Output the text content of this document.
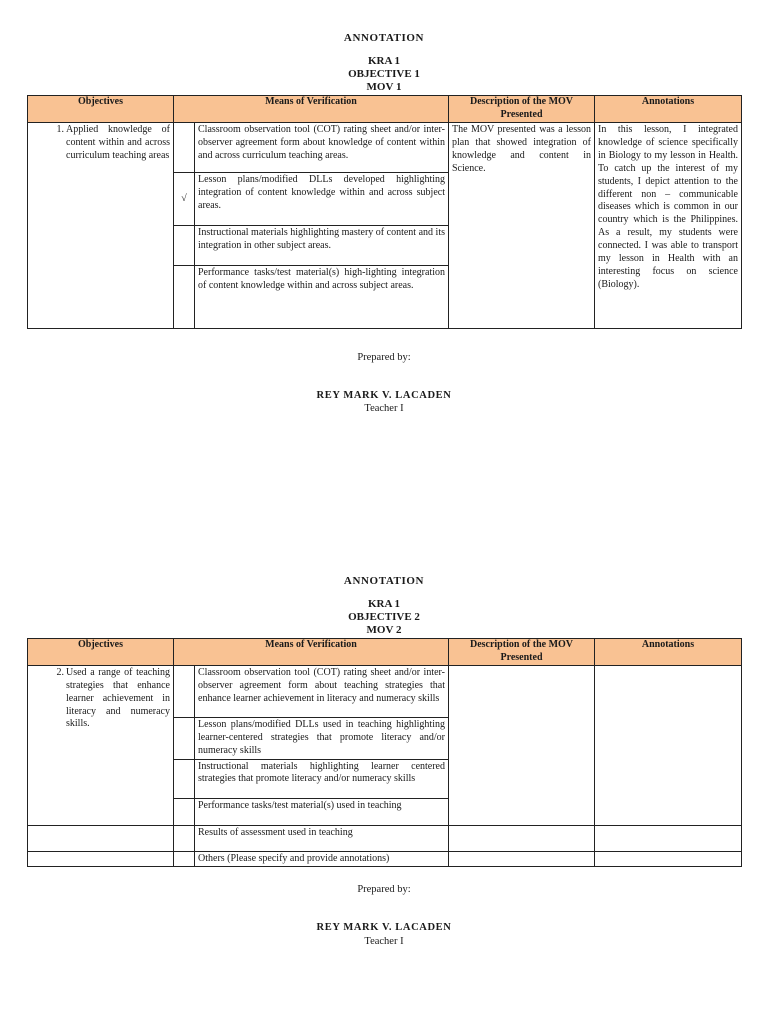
ANNOTATION
KRA 1
OBJECTIVE 1
MOV 1
Objectives	Means of Verification		Description of the MOV Presented	Annotations

1. Applied knowledge of content within and across curriculum teaching areas		Classroom observation tool (COT) rating sheet and/or inter-observer agreement form about knowledge of content within and across curriculum teaching areas.	The MOV presented was a lesson plan that showed integration of knowledge and content in Science.	In this lesson, I integrated knowledge of science specifically in Biology to my lesson in Health. To catch up the interest of my students, I depict attention to the different non – communicable diseases which is common in our country which is the Philippines. As a result, my students were connected. I was able to transport my lesson in Health with an interesting focus on science (Biology).
	√	Lesson plans/modified DLLs developed highlighting integration of content knowledge within and across subject areas.		
		Instructional materials highlighting mastery of content and its integration in other subject areas.		
		Performance tasks/test material(s) high-lighting integration of content knowledge within and across subject areas.		
Prepared by:
REY MARK V. LACADEN
Teacher I
ANNOTATION
KRA 1
OBJECTIVE 2
MOV 2
Objectives	Means of Verification		Description of the MOV Presented	Annotations

2. Used a range of teaching strategies that enhance learner achievement in literacy and numeracy skills.		Classroom observation tool (COT) rating sheet and/or inter-observer agreement form about teaching strategies that enhance learner achievement in literacy and numeracy skills		
		Lesson plans/modified DLLs used in teaching highlighting learner-centered strategies that promote literacy and/or numeracy skills		
		Instructional materials highlighting learner centered strategies that promote literacy and/or numeracy skills		
		Performance tasks/test material(s) used in teaching		
		Results of assessment used in teaching		
		Others (Please specify and provide annotations)		
Prepared by:
REY MARK V. LACADEN
Teacher I
